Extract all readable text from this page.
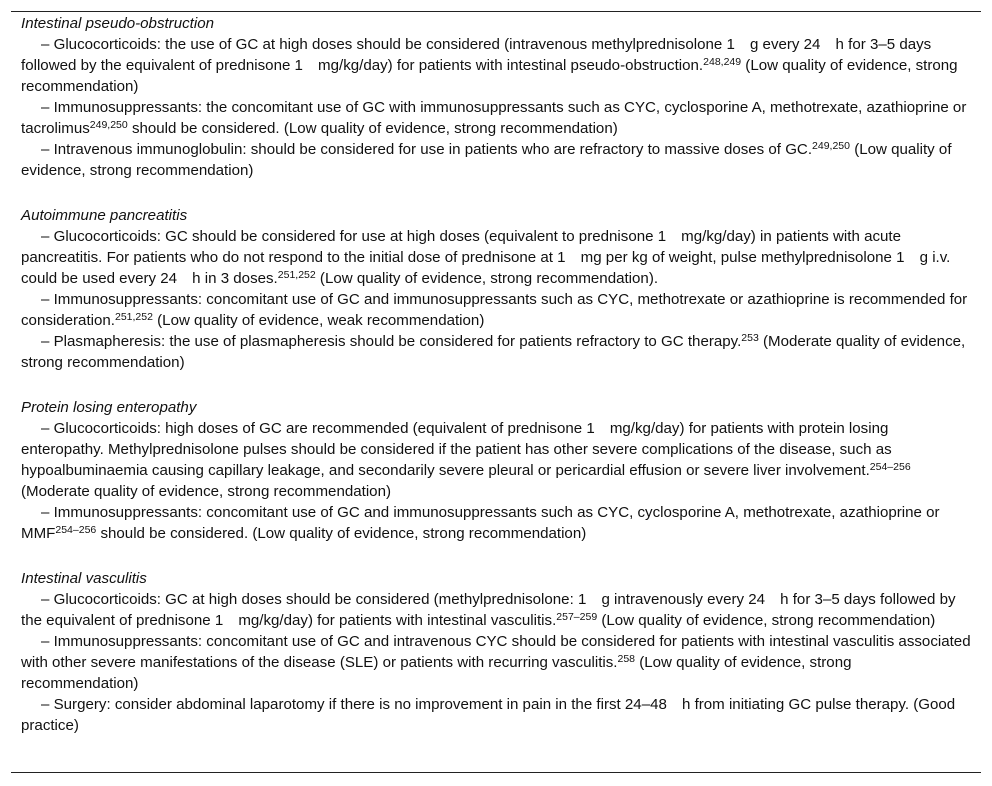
Intestinal pseudo-obstruction

– Glucocorticoids: the use of GC at high doses should be considered (intravenous methylprednisolone 1 g every 24 h for 3–5 days followed by the equivalent of prednisone 1 mg/kg/day) for patients with intestinal pseudo-obstruction.$^{248,249}$ (Low quality of evidence, strong recommendation)

– Immunosuppressants: the concomitant use of GC with immunosuppressants such as CYC, cyclosporine A, methotrexate, azathioprine or tacrolimus$^{249,250}$ should be considered. (Low quality of evidence, strong recommendation)

– Intravenous immunoglobulin: should be considered for use in patients who are refractory to massive doses of GC.$^{249,250}$ (Low quality of evidence, strong recommendation)

Autoimmune pancreatitis

– Glucocorticoids: GC should be considered for use at high doses (equivalent to prednisone 1 mg/kg/day) in patients with acute pancreatitis. For patients who do not respond to the initial dose of prednisone at 1 mg per kg of weight, pulse methylprednisolone 1 g i.v. could be used every 24 h in 3 doses.$^{251,252}$ (Low quality of evidence, strong recommendation).

– Immunosuppressants: concomitant use of GC and immunosuppressants such as CYC, methotrexate or azathioprine is recommended for consideration.$^{251,252}$ (Low quality of evidence, weak recommendation)

– Plasmapheresis: the use of plasmapheresis should be considered for patients refractory to GC therapy.$^{253}$ (Moderate quality of evidence, strong recommendation)

Protein losing enteropathy

– Glucocorticoids: high doses of GC are recommended (equivalent of prednisone 1 mg/kg/day) for patients with protein losing enteropathy. Methylprednisolone pulses should be considered if the patient has other severe complications of the disease, such as hypoalbuminaemia causing capillary leakage, and secondarily severe pleural or pericardial effusion or severe liver involvement.$^{254-256}$ (Moderate quality of evidence, strong recommendation)

– Immunosuppressants: concomitant use of GC and immunosuppressants such as CYC, cyclosporine A, methotrexate, azathioprine or MMF$^{254-256}$ should be considered. (Low quality of evidence, strong recommendation)

Intestinal vasculitis

– Glucocorticoids: GC at high doses should be considered (methylprednisolone: 1 g intravenously every 24 h for 3–5 days followed by the equivalent of prednisone 1 mg/kg/day) for patients with intestinal vasculitis.$^{257-259}$ (Low quality of evidence, strong recommendation)

– Immunosuppressants: concomitant use of GC and intravenous CYC should be considered for patients with intestinal vasculitis associated with other severe manifestations of the disease (SLE) or patients with recurring vasculitis.$^{258}$ (Low quality of evidence, strong recommendation)

– Surgery: consider abdominal laparotomy if there is no improvement in pain in the first 24–48 h from initiating GC pulse therapy. (Good practice)
